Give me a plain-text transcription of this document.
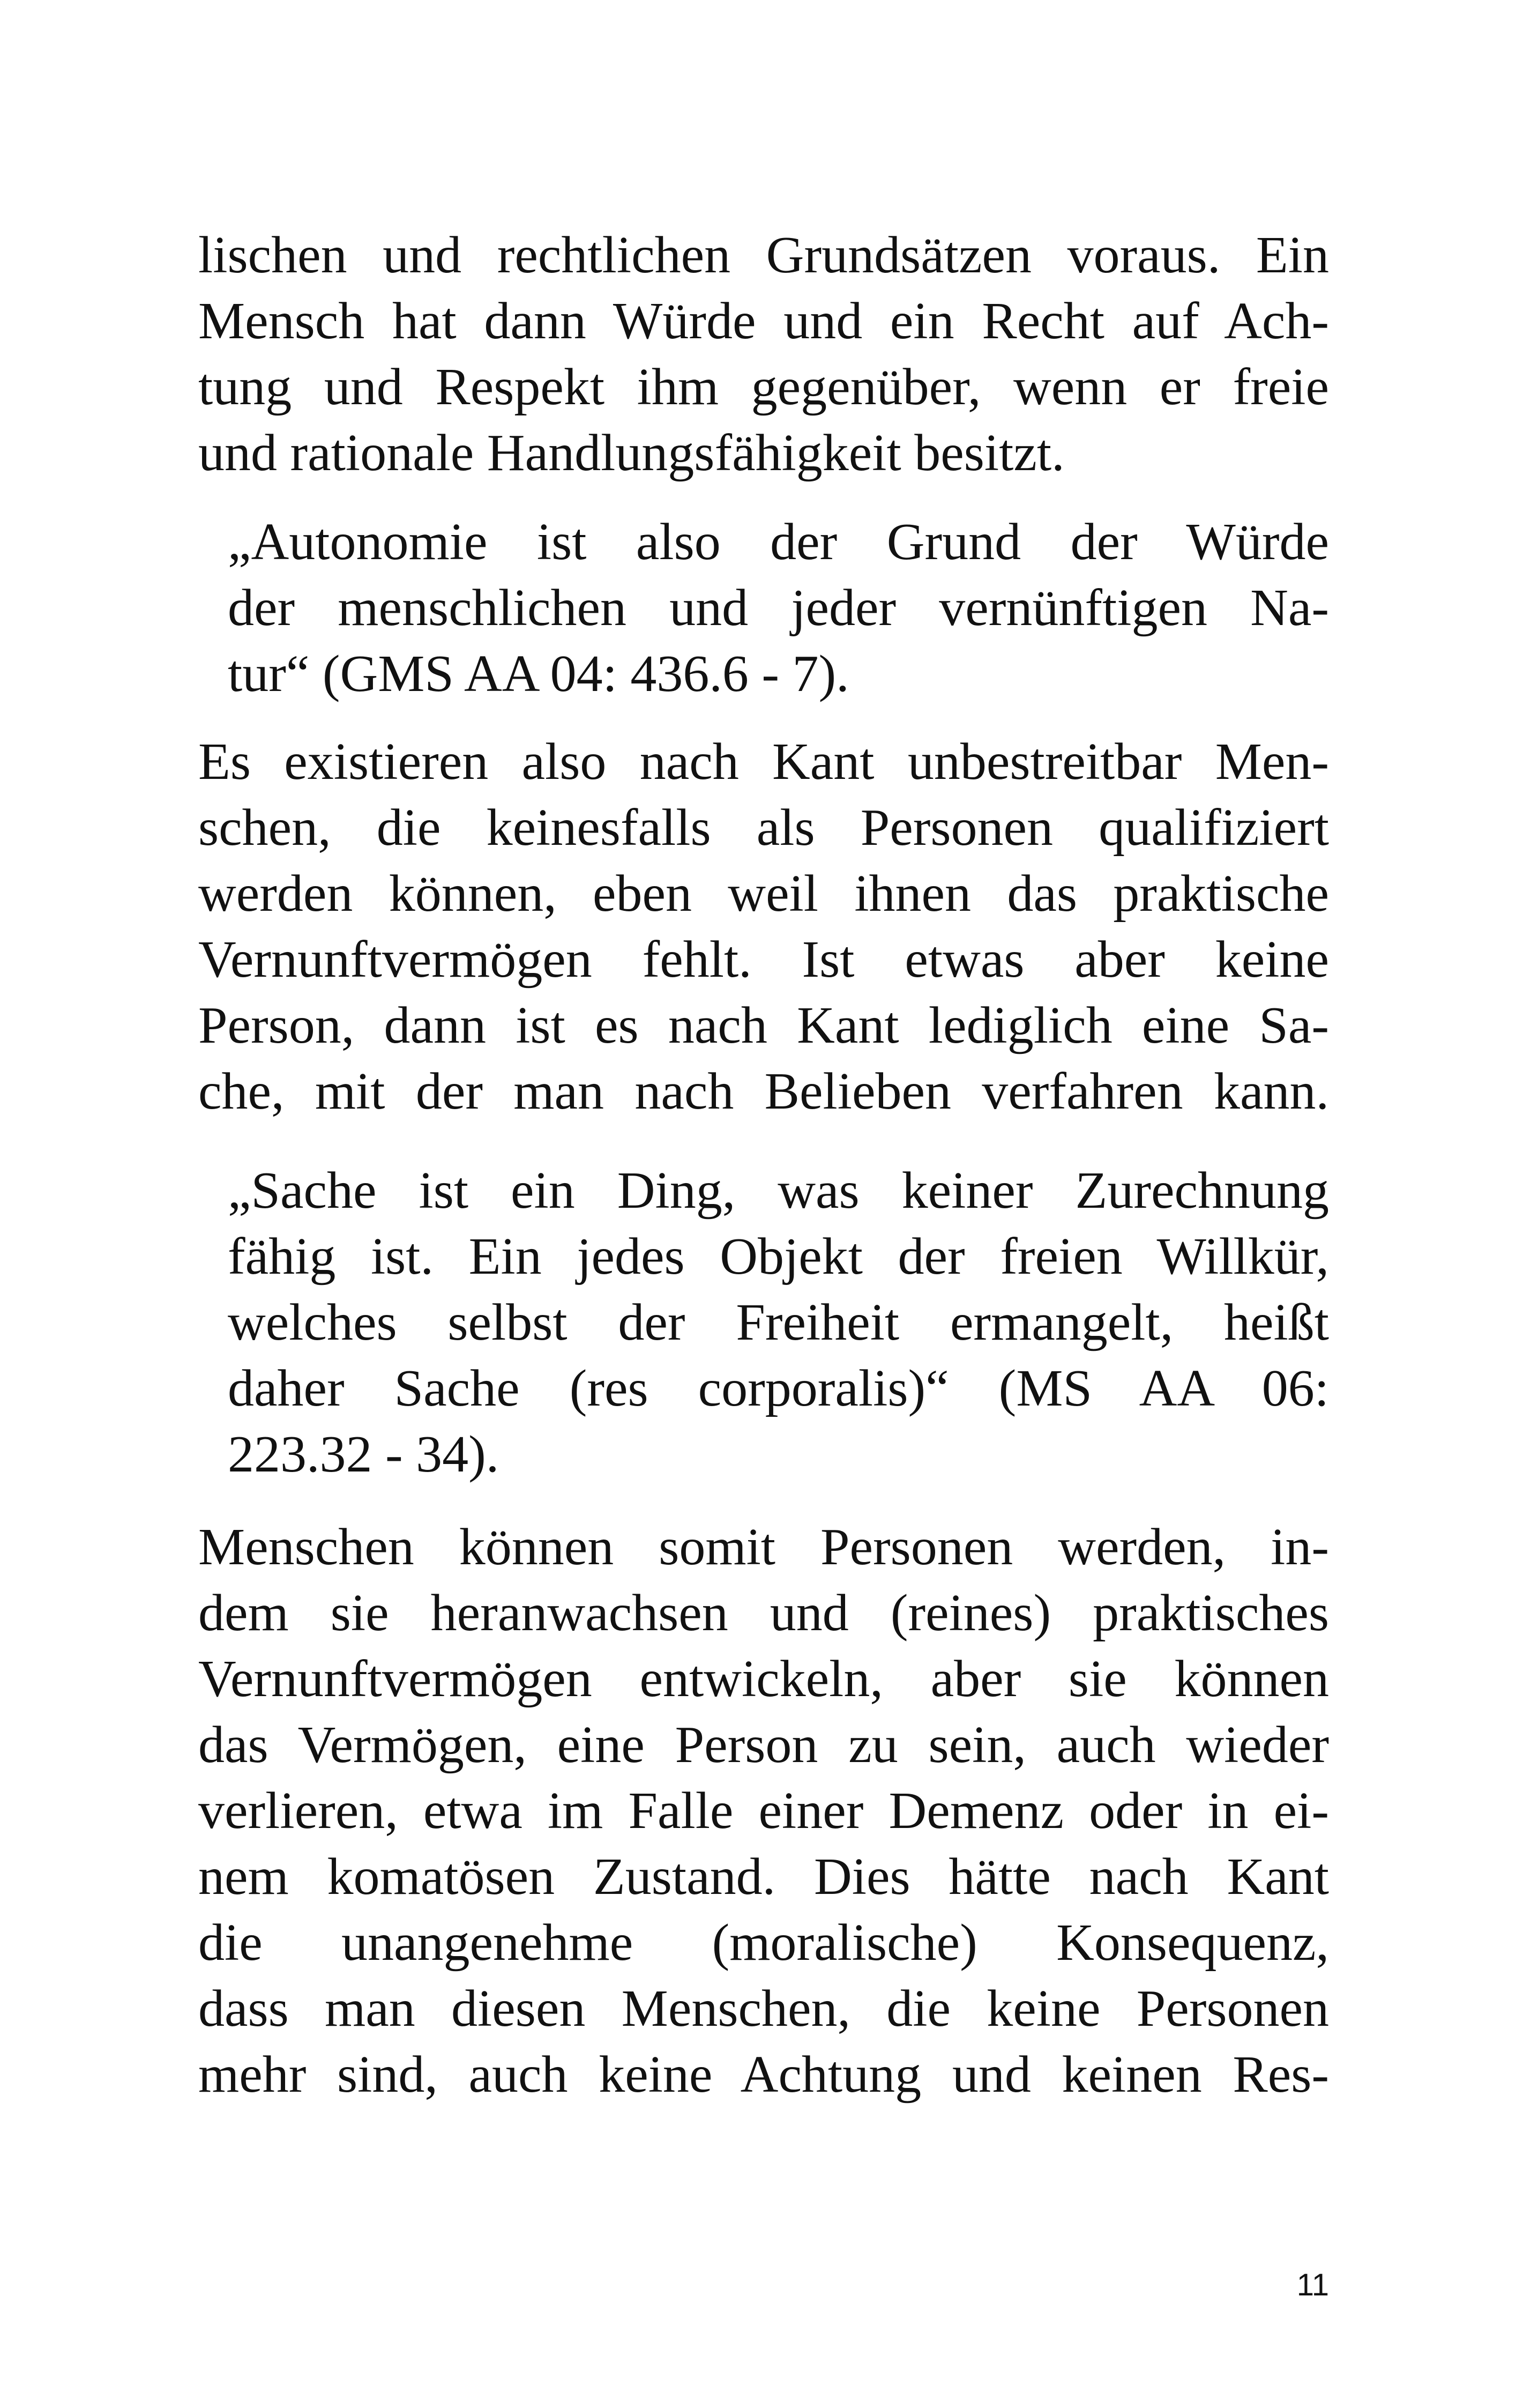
lischen und rechtlichen Grundsätzen voraus. Ein
Mensch hat dann Würde und ein Recht auf Ach-
tung und Respekt ihm gegenüber, wenn er freie
und rationale Handlungsfähigkeit besitzt.
„Autonomie ist also der Grund der Würde
der menschlichen und jeder vernünftigen Na-
tur“ (GMS AA 04: 436.6 - 7).
Es existieren also nach Kant unbestreitbar Men-
schen, die keinesfalls als Personen qualifiziert
werden können, eben weil ihnen das praktische
Vernunftvermögen fehlt. Ist etwas aber keine
Person, dann ist es nach Kant lediglich eine Sa-
che, mit der man nach Belieben verfahren kann.
„Sache ist ein Ding, was keiner Zurechnung
fähig ist. Ein jedes Objekt der freien Willkür,
welches selbst der Freiheit ermangelt, heißt
daher Sache (res corporalis)“ (MS AA 06:
223.32 - 34).
Menschen können somit Personen werden, in-
dem sie heranwachsen und (reines) praktisches
Vernunftvermögen entwickeln, aber sie können
das Vermögen, eine Person zu sein, auch wieder
verlieren, etwa im Falle einer Demenz oder in ei-
nem komatösen Zustand. Dies hätte nach Kant
die unangenehme (moralische) Konsequenz,
dass man diesen Menschen, die keine Personen
mehr sind, auch keine Achtung und keinen Res-
11
